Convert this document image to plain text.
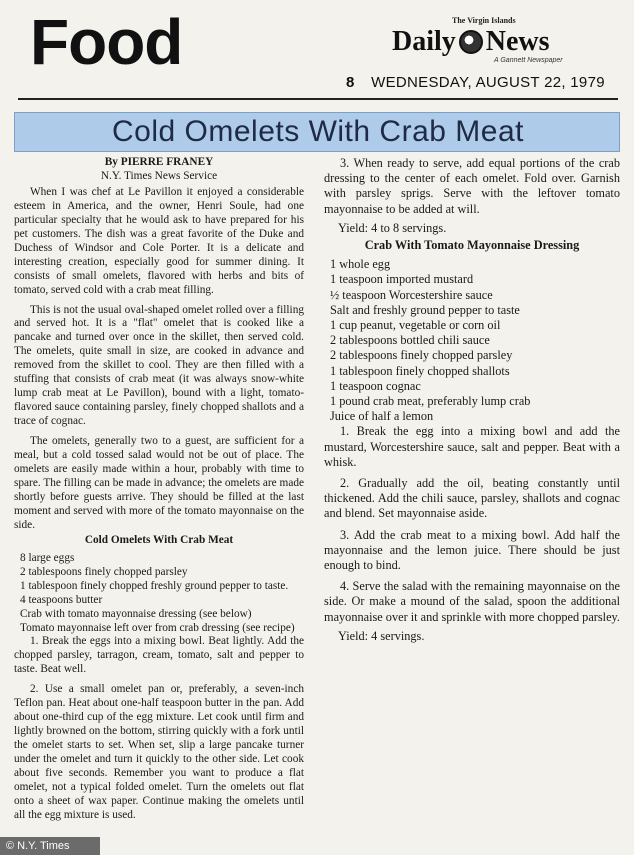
Food	The Virgin Islands
Daily News
A Gannett Newspaper
8 WEDNESDAY, AUGUST 22, 1979
Cold Omelets With Crab Meat
By PIERRE FRANEY
N.Y. Times News Service

When I was chef at Le Pavillon it enjoyed a considerable esteem in America, and the owner, Henri Soule, had one particular specialty that he would ask to have prepared for his pet customers. The dish was a great favorite of the Duke and Duchess of Windsor and Cole Porter. It is a delicate and interesting creation, especially good for summer dining. It consists of small omelets, flavored with herbs and bits of tomato, served cold with a crab meat filling.

This is not the usual oval-shaped omelet rolled over a filling and served hot. It is a "flat" omelet that is cooked like a pancake and turned over once in the skillet, then served cold. The omelets, quite small in size, are cooked in advance and removed from the skillet to cool. They are then filled with a stuffing that consists of crab meat (it was always snow-white lump crab meat at Le Pavillon), bound with a light, tomato-flavored sauce containing parsley, finely chopped shallots and a trace of cognac.

The omelets, generally two to a guest, are sufficient for a meal, but a cold tossed salad would not be out of place. The omelets are easily made within a hour, probably with time to spare. The filling can be made in advance; the omelets are made shortly before guests arrive. They should be filled at the last moment and served with more of the tomato mayonnaise on the side.

Cold Omelets With Crab Meat

8 large eggs

2 tablespoons finely chopped parsley

1 tablespoon finely chopped freshly ground pepper to taste.

4 teaspoons butter

Crab with tomato mayonnaise dressing (see below)

Tomato mayonnaise left over from crab dressing (see recipe)

1. Break the eggs into a mixing bowl. Beat lightly. Add the chopped parsley, tarragon, cream, tomato, salt and pepper to taste. Beat well.

2. Use a small omelet pan or, preferably, a seven-inch Teflon pan. Heat about one-half teaspoon butter in the pan. Add about one-third cup of the egg mixture. Let cook until firm and lightly browned on the bottom, stirring quickly with a fork until the omelet starts to set. When set, slip a large pancake turner under the omelet and turn it quickly to the other side. Let cook about five seconds. Remember you want to produce a flat omelet, not a typical folded omelet. Turn the omelets out flat onto a sheet of wax paper. Continue making the omelets until all the egg mixture is used.

3. When ready to serve, add equal portions of the crab dressing to the center of each omelet. Fold over. Garnish with parsley sprigs. Serve with the leftover tomato mayonnaise to be added at will.

Yield: 4 to 8 servings.
Crab With Tomato Mayonnaise Dressing

1 whole egg

1 teaspoon imported mustard

½ teaspoon Worcestershire sauce

Salt and freshly ground pepper to taste

1 cup peanut, vegetable or corn oil

2 tablespoons bottled chili sauce

2 tablespoons finely chopped parsley

1 tablespoon finely chopped shallots

1 teaspoon cognac

1 pound crab meat, preferably lump crab

Juice of half a lemon

1. Break the egg into a mixing bowl and add the mustard, Worcestershire sauce, salt and pepper. Beat with a whisk.

2. Gradually add the oil, beating constantly until thickened. Add the chili sauce, parsley, shallots and cognac and blend. Set mayonnaise aside.

3. Add the crab meat to a mixing bowl. Add half the mayonnaise and the lemon juice. There should be just enough to bind.

4. Serve the salad with the remaining mayonnaise on the side. Or make a mound of the salad, spoon the additional mayonnaise over it and sprinkle with more chopped parsley.

Yield: 4 servings.
© N.Y. Times
